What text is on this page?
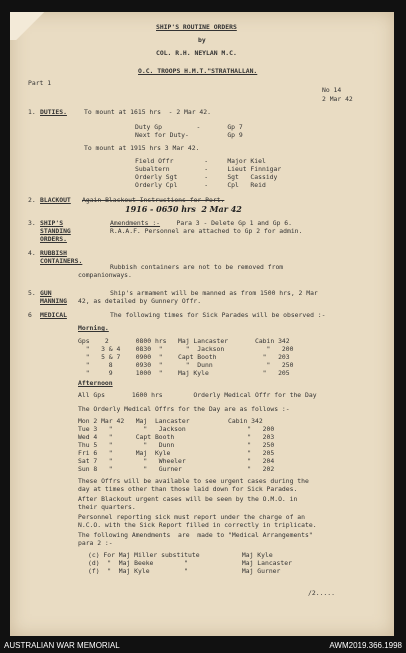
SHIP'S ROUTINE ORDERS
by
COL. R.H. NEYLAN M.C.
O.C. TROOPS H.M.T."STRATHALLAN.
Part 1
No 14
2 Mar 42
1. DUTIES.	To mount at 1615 hrs  - 2 Mar 42.
Duty Gp         -       Gp 7
Next for Duty-          Gp 9
To mount at 1915 hrs 3 Mar 42.
Field Offr        -     Major Kiel
Subaltern         -     Lieut Finnigar
Orderly Sgt       -     Sgt   Cassidy
Orderly Cpl       -     Cpl   Reid
2. BLACKOUT Again Blackout Instructions for Port.
1916 - 0650 hrs  2 Mar 42
3. SHIP'S
STANDING
ORDERS.
Amendments :- Para 3 - Delete Gp 1 and Gp 6.
R.A.A.F. Personnel are attached to Gp 2 for admin.
4. RUBBISH
CONTAINERS.
Rubbish containers are not to be removed from
companionways.
5. GUN
MANNING
Ship's armament will be manned as from 1500 hrs, 2 Mar
42, as detailed by Gunnery Offr.
6 MEDICAL	The following times for Sick Parades will be observed :-
Morning.
Gps    2       0800 hrs   Maj Lancaster       Cabin 342
"   3 & 4    0830  "      "  Jackson           "   200
"   5 & 7    0900  "    Capt Booth            "   203
"     8      0930  "      "  Dunn              "   250
"     9      1000  "    Maj Kyle              "   205
Afternoon
All Gps       1600 hrs        Orderly Medical Offr for the Day
The Orderly Medical Offrs for the Day are as follows :-
Mon 2 Mar 42   Maj  Lancaster          Cabin 342
Tue 3   "        "   Jackson                "   200
Wed 4   "      Capt Booth                   "   203
Thu 5   "        "   Dunn                   "   250
Fri 6   "      Maj  Kyle                    "   205
Sat 7   "        "   Wheeler                "   204
Sun 8   "        "   Gurner                 "   202
These Offrs will be available to see urgent cases during the
day at times other than those laid down for Sick Parades.
After Blackout urgent cases will be seen by the O.M.O. in
their quarters.
Personnel reporting sick must report under the charge of an
N.C.O. with the Sick Report filled in correctly in triplicate.
The following Amendments  are  made to "Medical Arrangements"
para 2 :-
(c) For Maj Miller substitute           Maj Kyle
(d)  "  Maj Beeke        "              Maj Lancaster
(f)  "  Maj Kyle         "              Maj Gurner
/2.....
AUSTRALIAN WAR MEMORIAL	AWM2019.366.1998
